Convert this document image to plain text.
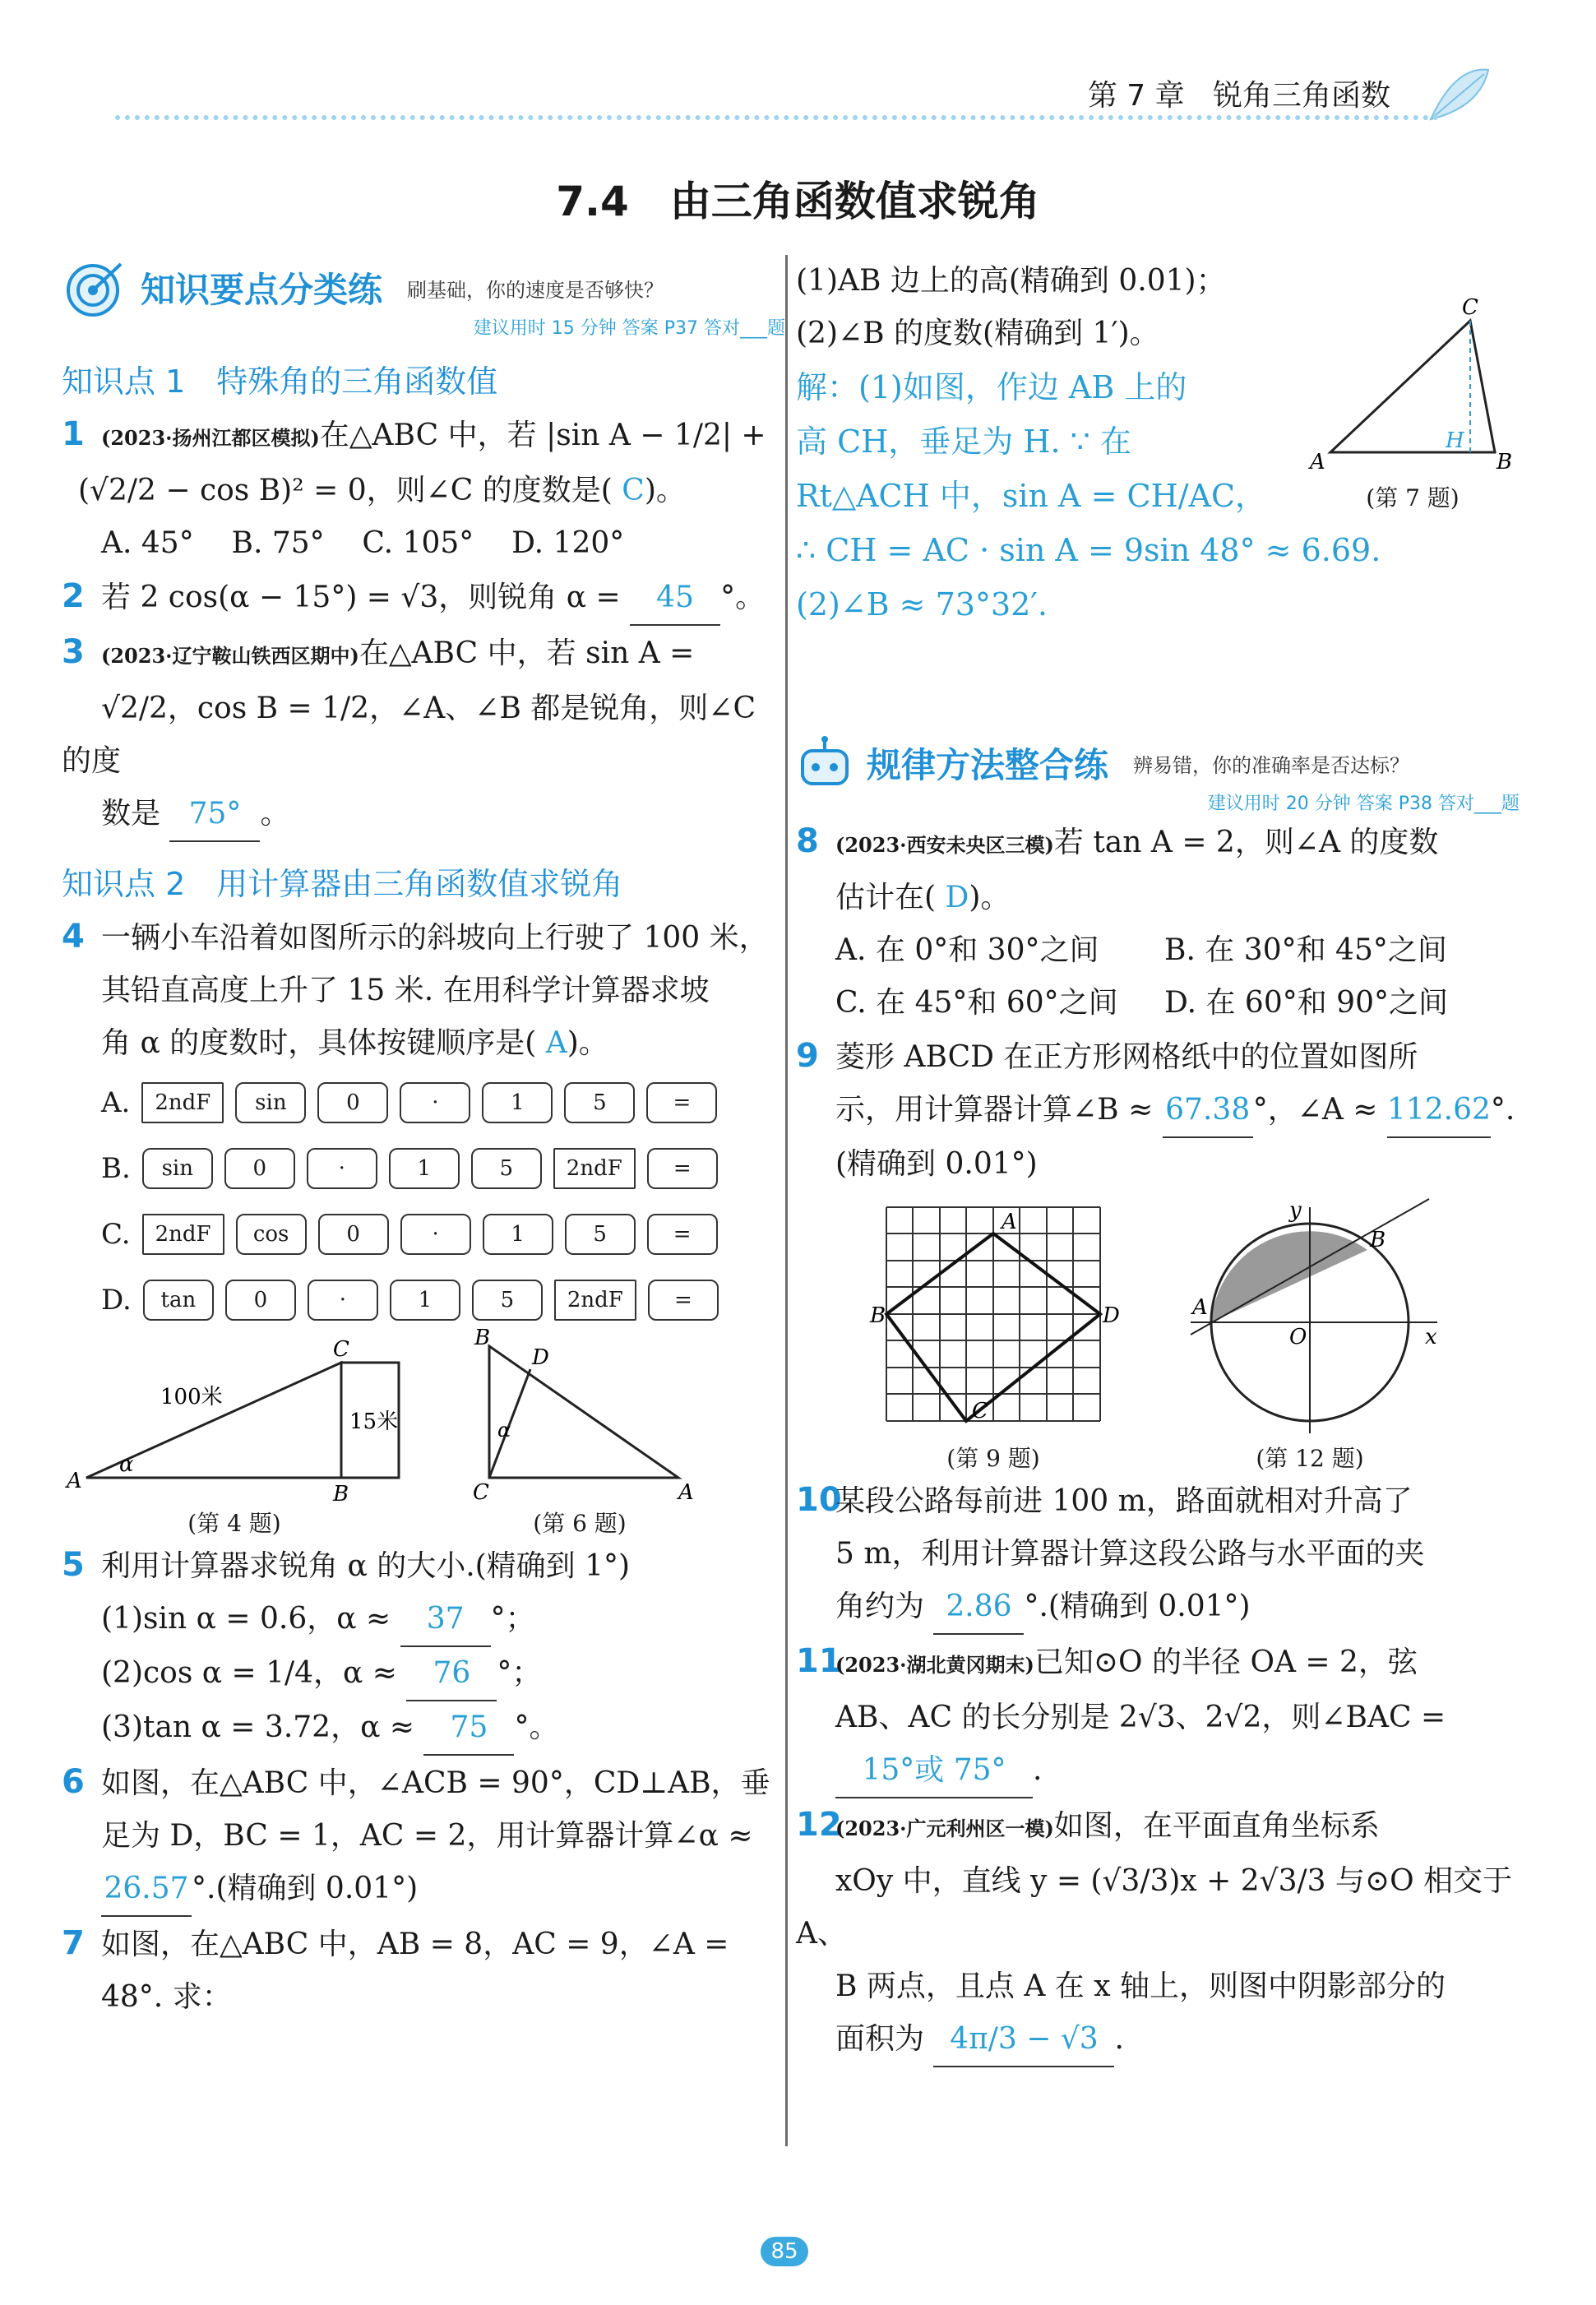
第 7 章 锐角三角函数
7.4　由三角函数值求锐角
知识要点分类练 刷基础，你的速度是否够快？
建议用时 15 分钟 答案 P37 答对___题
知识点 1　特殊角的三角函数值
1 (2023·扬州江都区模拟)在△ABC 中，若 |sin A − 1/2| +
(√2/2 − cos B)² = 0，则∠C 的度数是( C)。
A. 45° B. 75° C. 105° D. 120°
2 若 2 cos(α − 15°) = √3，则锐角 α = 45 °。
3 (2023·辽宁鞍山铁西区期中)在△ABC 中，若 sin A =
√2/2，cos B = 1/2，∠A、∠B 都是锐角，则∠C 的度
数是 75° 。
知识点 2　用计算器由三角函数值求锐角
4 一辆小车沿着如图所示的斜坡向上行驶了 100 米，
其铅直高度上升了 15 米. 在用科学计算器求坡
角 α 的度数时，具体按键顺序是( A)。
A.	2ndF	sin	0	·	1	5	=
B.	sin	0	·	1	5	2ndF	=
C.	2ndF	cos	0	·	1	5	=
D.	tan	0	·	1	5	2ndF	=
100米
15米
α
A
B
C
(第 4 题)
B
D
C	A
α
(第 6 题)
5 利用计算器求锐角 α 的大小.(精确到 1°)
(1)sin α = 0.6，α ≈ 37 °；
(2)cos α = 1/4，α ≈ 76 °；
(3)tan α = 3.72，α ≈ 75 °。
6 如图，在△ABC 中，∠ACB = 90°，CD⊥AB，垂
足为 D，BC = 1，AC = 2，用计算器计算∠α ≈
26.57°.(精确到 0.01°)
7 如图，在△ABC 中，AB = 8，AC = 9，∠A =
48°. 求：
(1)AB 边上的高(精确到 0.01)；
(2)∠B 的度数(精确到 1′)。
解：(1)如图，作边 AB 上的
高 CH，垂足为 H. ∵ 在
Rt△ACH 中，sin A = CH/AC，
A	B
C
H
(第 7 题)
∴ CH = AC · sin A = 9sin 48° ≈ 6.69.
(2)∠B ≈ 73°32′.
规律方法整合练 辨易错，你的准确率是否达标？
建议用时 20 分钟 答案 P38 答对___题
8 (2023·西安未央区三模)若 tan A = 2，则∠A 的度数
估计在( D)。
A. 在 0°和 30°之间 B. 在 30°和 45°之间
C. 在 45°和 60°之间 D. 在 60°和 90°之间
9 菱形 ABCD 在正方形网格纸中的位置如图所
示，用计算器计算∠B ≈ 67.38°，∠A ≈ 112.62°.
(精确到 0.01°)
A
B
C
D
(第 9 题)
A
B
O	x
y
(第 12 题)
10某段公路每前进 100 m，路面就相对升高了
5 m，利用计算器计算这段公路与水平面的夹
角约为 2.86 °.(精确到 0.01°)
11(2023·湖北黄冈期末)已知⊙O 的半径 OA = 2，弦
AB、AC 的长分别是 2√3、2√2，则∠BAC =
15°或 75° .
12(2023·广元利州区一模)如图，在平面直角坐标系
xOy 中，直线 y = (√3/3)x + 2√3/3 与⊙O 相交于 A、
B 两点，且点 A 在 x 轴上，则图中阴影部分的
面积为 4π/3 − √3 .
85
